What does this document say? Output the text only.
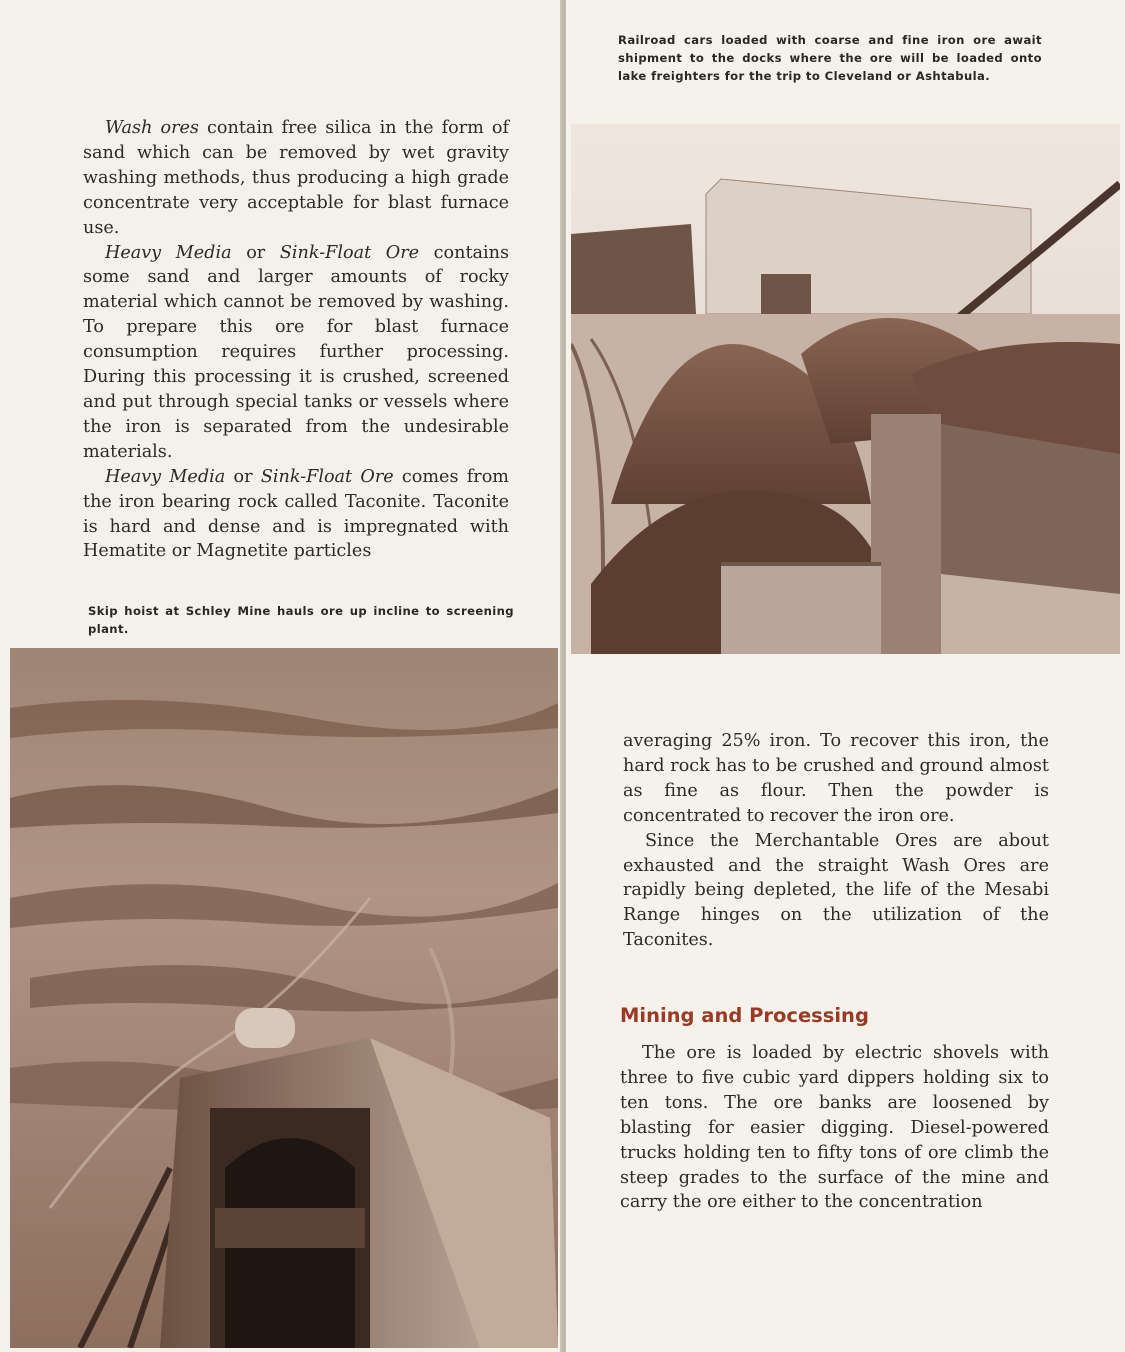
Wash ores contain free silica in the form of sand which can be removed by wet gravity washing methods, thus producing a high grade concentrate very acceptable for blast furnace use.

Heavy Media or Sink-Float Ore contains some sand and larger amounts of rocky material which cannot be removed by washing. To prepare this ore for blast furnace consumption requires further processing. During this processing it is crushed, screened and put through special tanks or vessels where the iron is separated from the undesirable materials.

Heavy Media or Sink-Float Ore comes from the iron bearing rock called Taconite. Taconite is hard and dense and is impregnated with Hematite or Magnetite particles

Skip hoist at Schley Mine hauls ore up incline to screening plant.

Railroad cars loaded with coarse and fine iron ore await shipment to the docks where the ore will be loaded onto lake freighters for the trip to Cleveland or Ashtabula.

averaging 25% iron. To recover this iron, the hard rock has to be crushed and ground almost as fine as flour. Then the powder is concentrated to recover the iron ore.

Since the Merchantable Ores are about exhausted and the straight Wash Ores are rapidly being depleted, the life of the Mesabi Range hinges on the utilization of the Taconites.

Mining and Processing

The ore is loaded by electric shovels with three to five cubic yard dippers holding six to ten tons. The ore banks are loosened by blasting for easier digging. Diesel-powered trucks holding ten to fifty tons of ore climb the steep grades to the surface of the mine and carry the ore either to the concentration
